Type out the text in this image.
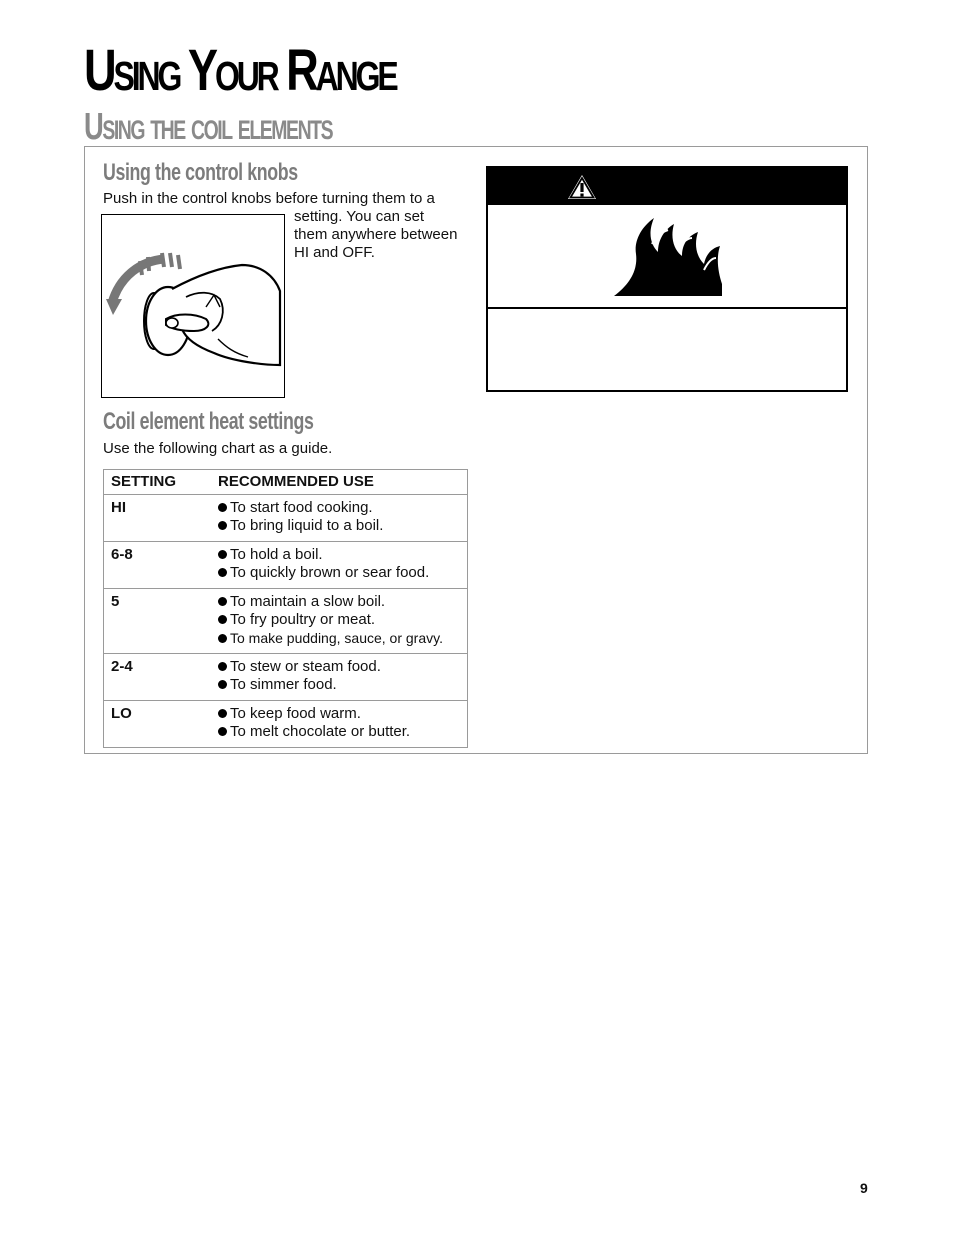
Using Your Range
Using the coil elements
Using the control knobs

Push in the control knobs before turning them to a

setting. You can set

them anywhere between

HI and OFF.

Coil element heat settings

Use the following chart as a guide.

SETTING	RECOMMENDED USE
HI	To start food cooking.
To bring liquid to a boil.

6-8	To hold a boil.
To quickly brown or sear food.

5	To maintain a slow boil.
To fry poultry or meat.
To make pudding, sauce, or gravy.

2-4	To stew or steam food.
To simmer food.

LO	To keep food warm.
To melt chocolate or butter.
9
